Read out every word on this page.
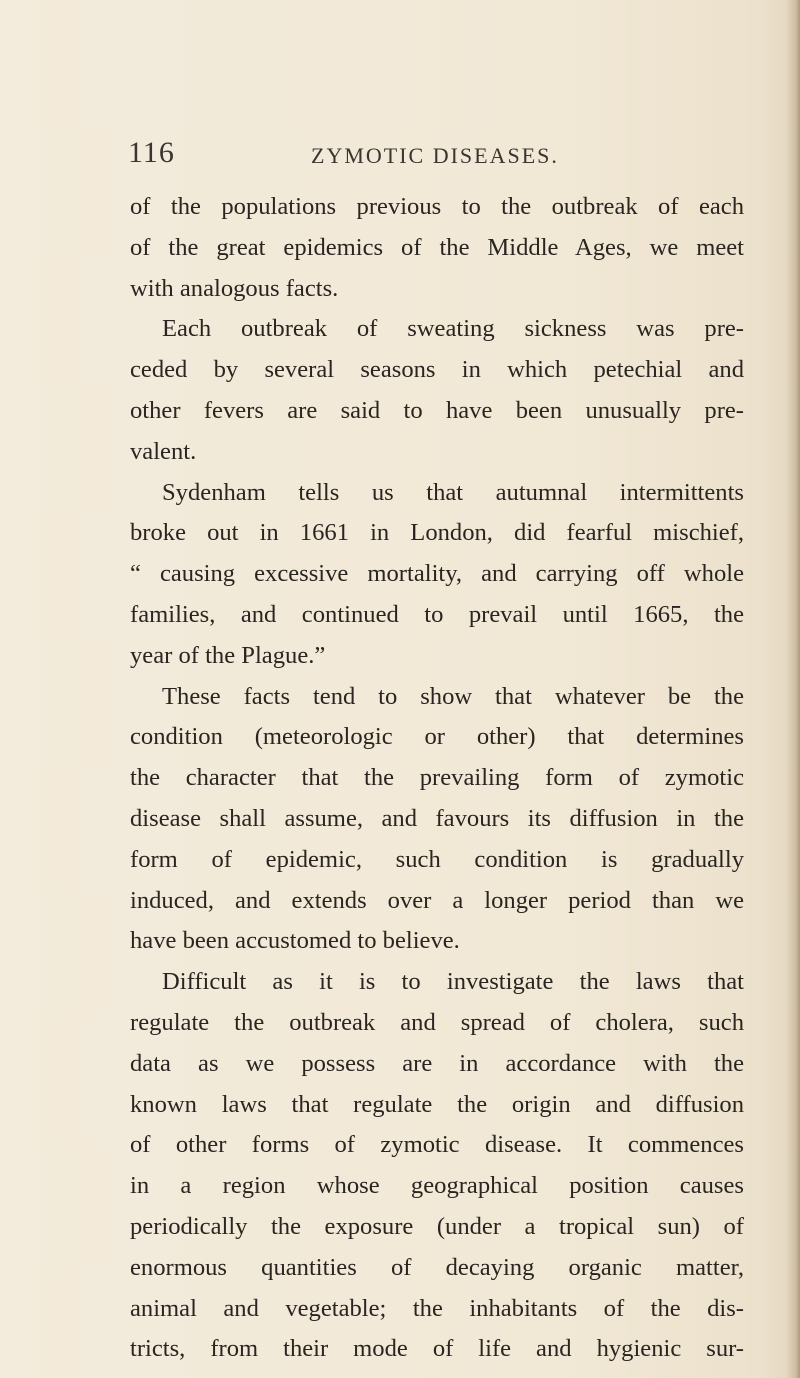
116	ZYMOTIC DISEASES.
of the populations previous to the outbreak of each
of the great epidemics of the Middle Ages, we meet
with analogous facts.
Each outbreak of sweating sickness was pre-
ceded by several seasons in which petechial and
other fevers are said to have been unusually pre-
valent.
Sydenham tells us that autumnal intermittents
broke out in 1661 in London, did fearful mischief,
“ causing excessive mortality, and carrying off whole
families, and continued to prevail until 1665, the
year of the Plague.”
These facts tend to show that whatever be the
condition (meteorologic or other) that determines
the character that the prevailing form of zymotic
disease shall assume, and favours its diffusion in the
form of epidemic, such condition is gradually
induced, and extends over a longer period than we
have been accustomed to believe.
Difficult as it is to investigate the laws that
regulate the outbreak and spread of cholera, such
data as we possess are in accordance with the
known laws that regulate the origin and diffusion
of other forms of zymotic disease. It commences
in a region whose geographical position causes
periodically the exposure (under a tropical sun) of
enormous quantities of decaying organic matter,
animal and vegetable; the inhabitants of the dis-
tricts, from their mode of life and hygienic sur-
